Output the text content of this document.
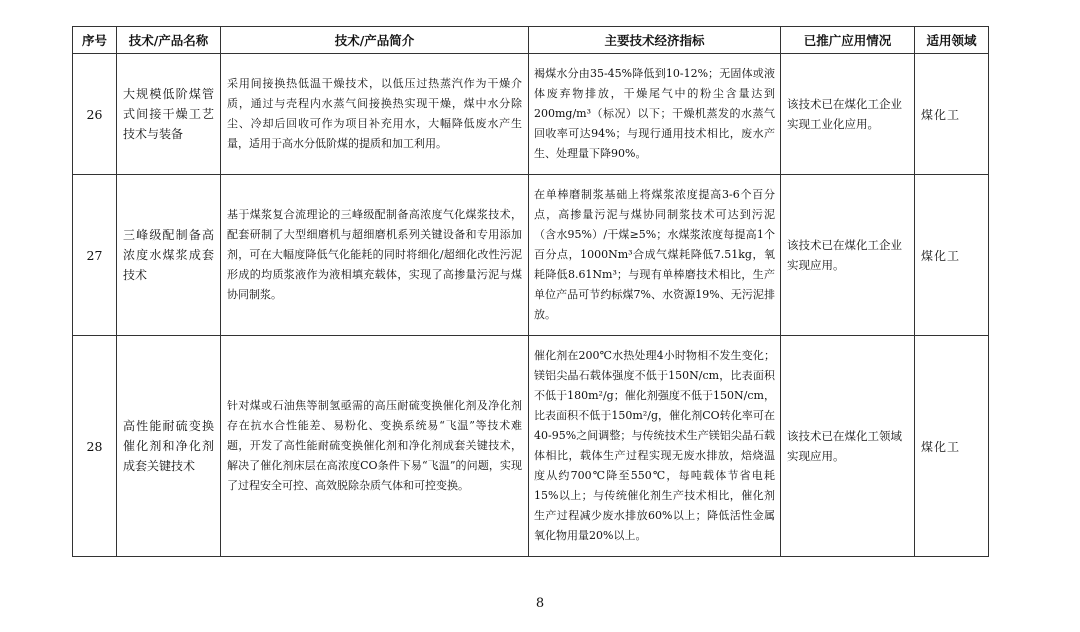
序号	技术/产品名称	技术/产品简介	主要技术经济指标	已推广应用情况	适用领域
26	大规模低阶煤管式间接干燥工艺技术与装备	采用间接换热低温干燥技术，以低压过热蒸汽作为干燥介质，通过与壳程内水蒸气间接换热实现干燥，煤中水分除尘、冷却后回收可作为项目补充用水，大幅降低废水产生量，适用于高水分低阶煤的提质和加工利用。	褐煤水分由35-45%降低到10-12%；无固体或液体废弃物排放，干燥尾气中的粉尘含量达到200mg/m³（标况）以下；干燥机蒸发的水蒸气回收率可达94%；与现行通用技术相比，废水产生、处理量下降90%。	该技术已在煤化工企业实现工业化应用。	煤化工
27	三峰级配制备高浓度水煤浆成套技术	基于煤浆复合流理论的三峰级配制备高浓度气化煤浆技术，配套研制了大型细磨机与超细磨机系列关键设备和专用添加剂，可在大幅度降低气化能耗的同时将细化/超细化改性污泥形成的均质浆液作为液相填充载体，实现了高掺量污泥与煤协同制浆。	在单棒磨制浆基础上将煤浆浓度提高3-6个百分点，高掺量污泥与煤协同制浆技术可达到污泥（含水95%）/干煤≥5%；水煤浆浓度每提高1个百分点，1000Nm³合成气煤耗降低7.51kg，氧耗降低8.61Nm³；与现有单棒磨技术相比，生产单位产品可节约标煤7%、水资源19%、无污泥排放。	该技术已在煤化工企业实现应用。	煤化工
28	高性能耐硫变换催化剂和净化剂成套关键技术	针对煤或石油焦等制氢亟需的高压耐硫变换催化剂及净化剂存在抗水合性能差、易粉化、变换系统易“飞温”等技术难题，开发了高性能耐硫变换催化剂和净化剂成套关键技术，解决了催化剂床层在高浓度CO条件下易“飞温”的问题，实现了过程安全可控、高效脱除杂质气体和可控变换。	催化剂在200℃水热处理4小时物相不发生变化；镁铝尖晶石载体强度不低于150N/cm，比表面积不低于180m²/g；催化剂强度不低于150N/cm，比表面积不低于150m²/g，催化剂CO转化率可在40-95%之间调整；与传统技术生产镁铝尖晶石载体相比，载体生产过程实现无废水排放，焙烧温度从约700℃降至550℃，每吨载体节省电耗15%以上；与传统催化剂生产技术相比，催化剂生产过程减少废水排放60%以上；降低活性金属氧化物用量20%以上。	该技术已在煤化工领域实现应用。	煤化工
8
